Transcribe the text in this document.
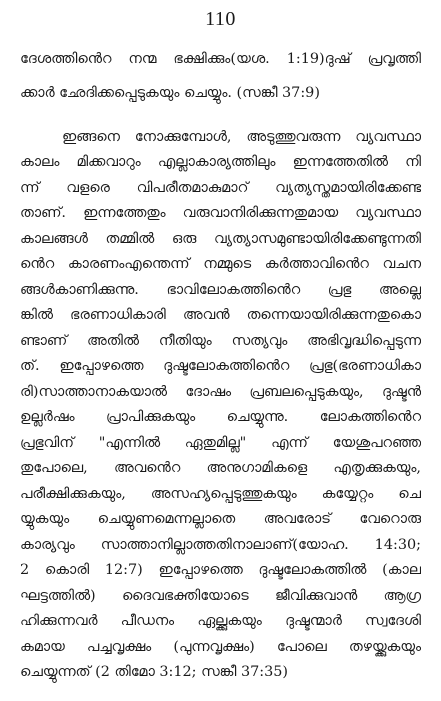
110
ദേശത്തിൻെറ നന്മ ഭക്ഷിക്കും(യശ. 1:19)ദുഷ് പ്രവൃത്തി
ക്കാർ ഛേദിക്കപ്പെടുകയും ചെയ്യും. (സങ്കീ 37:9)
ഇങ്ങനെ നോക്കുമ്പോൾ, അടുത്തുവരുന്ന വ്യവസ്ഥാ
കാലം മിക്കവാറും എല്ലാകാര്യത്തിലും ഇന്നത്തേതിൽ നി
ന്ന് വളരെ വിപരീതമാകുമാറ് വ്യത്യസ്തമായിരിക്കേണ്ട
താണ്. ഇന്നത്തേതും വരുവാനിരിക്കുന്നതുമായ വ്യവസ്ഥാ
കാലങ്ങൾ തമ്മിൽ ഒരു വ്യത്യാസമുണ്ടായിരിക്കേണ്ടുന്നതി
ൻെറ കാരണംഎന്തെന്ന് നമ്മുടെ കർത്താവിൻെറ വചന
ങ്ങൾകാണിക്കുന്നു. ഭാവിലോകത്തിൻെറ പ്രഭു അല്ലെ
ങ്കിൽ ഭരണാധികാരി അവൻ തന്നെയായിരിക്കുന്നതുകൊ
ണ്ടാണ് അതിൽ നീതിയും സത്യവും അഭിവൃദ്ധിപ്പെടുന്ന
ത്. ഇപ്പോഴത്തെ ദുഷ്ടലോകത്തിൻെറ പ്രഭു(ഭരണാധികാ
രി)സാത്താനാകയാൽ ദോഷം പ്രബലപ്പെടുകയും, ദുഷ്ടൻ
ഉല്ലർഷം പ്രാപിക്കുകയും ചെയ്യുന്നു. ലോകത്തിൻെറ
പ്രഭുവിന് "എന്നിൽ ഏതുമില്ല" എന്ന് യേശുപറഞ്ഞ
തുപോലെ, അവൻെറ അനുഗാമികളെ എതൃക്കുകയും,
പരീക്ഷിക്കുകയും, അസഹ്യപ്പെടുത്തുകയും കയ്യേറ്റം ചെ
യ്യുകയും ചെയ്യുണമെന്നല്ലാതെ അവരോട് വേറൊരു
കാര്യവും സാത്താനില്ലാത്തതിനാലാണ്(യോഹ. 14:30;
2 കൊരി 12:7) ഇപ്പോഴത്തെ ദുഷ്ടലോകത്തിൽ (കാല
ഘട്ടത്തിൽ) ദൈവഭക്തിയോടെ ജീവിക്കുവാൻ ആഗ്ര
ഹിക്കുന്നവർ പീഡനം ഏല്ക്കുകയും ദുഷ്ടന്മാർ സ്വദേശി
കമായ പച്ചവൃക്ഷം (പുന്നവൃക്ഷം) പോലെ തഴയ്ക്കുകയും
ചെയ്യുന്നത് (2 തിമോ 3:12; സങ്കീ 37:35)
